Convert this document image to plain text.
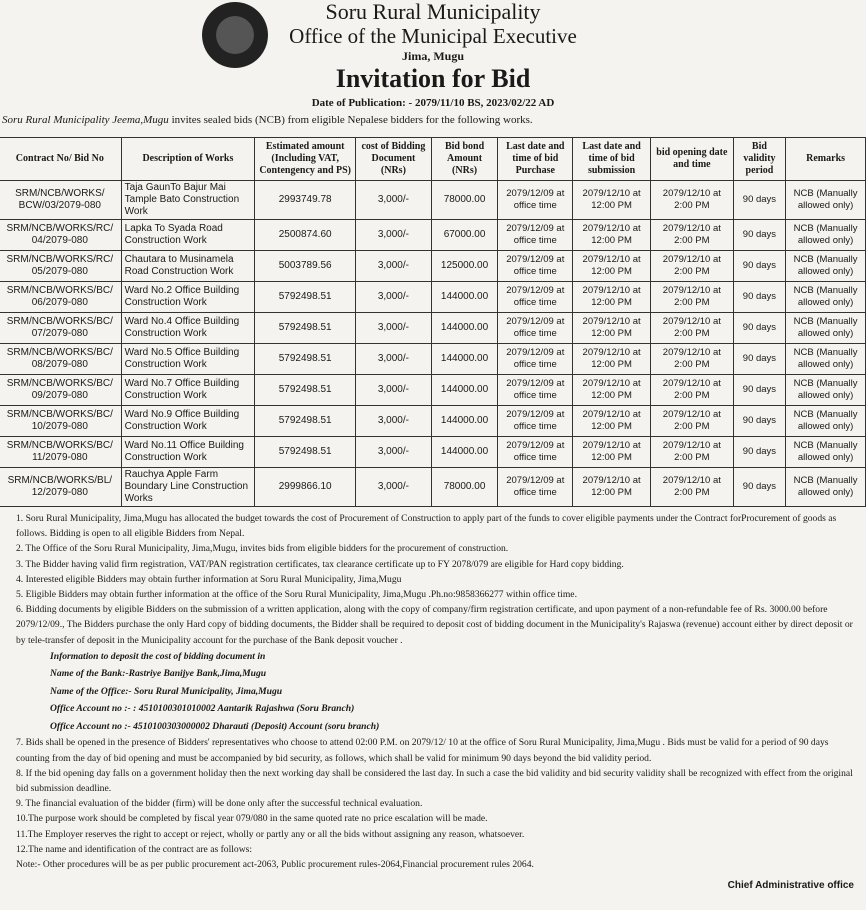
Soru Rural Municipality
Office of the Municipal Executive
Jima, Mugu
Invitation for Bid
Date of Publication: - 2079/11/10 BS, 2023/02/22 AD
Soru Rural Municipality Jeema,Mugu invites sealed bids (NCB) from eligible Nepalese bidders for the following works.
Contract No/ Bid No	Description of Works	Estimated amount (Including VAT, Contengency and PS)	cost of Bidding Document (NRs)	Bid bond Amount (NRs)	Last date and time of bid Purchase	Last date and time of bid submission	bid opening date and time	Bid validity period	Remarks
SRM/NCB/WORKS/ BCW/03/2079-080	Taja GaunTo Bajur Mai Tample Bato Construction Work	2993749.78	3,000/-	78000.00	2079/12/09 at office time	2079/12/10 at 12:00 PM	2079/12/10 at 2:00 PM	90 days	NCB (Manually allowed only)
SRM/NCB/WORKS/RC/ 04/2079-080	Lapka To Syada Road Construction Work	2500874.60	3,000/-	67000.00	2079/12/09 at office time	2079/12/10 at 12:00 PM	2079/12/10 at 2:00 PM	90 days	NCB (Manually allowed only)
SRM/NCB/WORKS/RC/ 05/2079-080	Chautara to Musinamela Road Construction Work	5003789.56	3,000/-	125000.00	2079/12/09 at office time	2079/12/10 at 12:00 PM	2079/12/10 at 2:00 PM	90 days	NCB (Manually allowed only)
SRM/NCB/WORKS/BC/ 06/2079-080	Ward No.2 Office Building Construction Work	5792498.51	3,000/-	144000.00	2079/12/09 at office time	2079/12/10 at 12:00 PM	2079/12/10 at 2:00 PM	90 days	NCB (Manually allowed only)
SRM/NCB/WORKS/BC/ 07/2079-080	Ward No.4 Office Building Construction Work	5792498.51	3,000/-	144000.00	2079/12/09 at office time	2079/12/10 at 12:00 PM	2079/12/10 at 2:00 PM	90 days	NCB (Manually allowed only)
SRM/NCB/WORKS/BC/ 08/2079-080	Ward No.5 Office Building Construction Work	5792498.51	3,000/-	144000.00	2079/12/09 at office time	2079/12/10 at 12:00 PM	2079/12/10 at 2:00 PM	90 days	NCB (Manually allowed only)
SRM/NCB/WORKS/BC/ 09/2079-080	Ward No.7 Office Building Construction Work	5792498.51	3,000/-	144000.00	2079/12/09 at office time	2079/12/10 at 12:00 PM	2079/12/10 at 2:00 PM	90 days	NCB (Manually allowed only)
SRM/NCB/WORKS/BC/ 10/2079-080	Ward No.9 Office Building Construction Work	5792498.51	3,000/-	144000.00	2079/12/09 at office time	2079/12/10 at 12:00 PM	2079/12/10 at 2:00 PM	90 days	NCB (Manually allowed only)
SRM/NCB/WORKS/BC/ 11/2079-080	Ward No.11 Office Building Construction Work	5792498.51	3,000/-	144000.00	2079/12/09 at office time	2079/12/10 at 12:00 PM	2079/12/10 at 2:00 PM	90 days	NCB (Manually allowed only)
SRM/NCB/WORKS/BL/ 12/2079-080	Rauchya Apple Farm Boundary Line Construction Works	2999866.10	3,000/-	78000.00	2079/12/09 at office time	2079/12/10 at 12:00 PM	2079/12/10 at 2:00 PM	90 days	NCB (Manually allowed only)

1. Soru Rural Municipality, Jima,Mugu has allocated the budget towards the cost of Procurement of Construction to apply part of the funds to cover eligible payments under the Contract forProcurement of goods as follows. Bidding is open to all eligible Bidders from Nepal.

2. The Office of the Soru Rural Municipality, Jima,Mugu, invites bids from eligible bidders for the procurement of construction.

3. The Bidder having valid firm registration, VAT/PAN registration certificates, tax clearance certificate up to FY 2078/079 are eligible for Hard copy bidding.

4. Interested eligible Bidders may obtain further information at Soru Rural Municipality, Jima,Mugu

5. Eligible Bidders may obtain further information at the office of the Soru Rural Municipality, Jima,Mugu .Ph.no:9858366277 within office time.

6. Bidding documents by eligible Bidders on the submission of a written application, along with the copy of company/firm registration certificate, and upon payment of a non-refundable fee of Rs. 3000.00 before 2079/12/09., The Bidders purchase the only Hard copy of bidding documents, the Bidder shall be required to deposit cost of bidding document in the Municipality's Rajaswa (revenue) account either by direct deposit or by tele-transfer of deposit in the Municipality account for the purchase of the Bank deposit voucher .

Information to deposit the cost of bidding document in

Name of the Bank:-Rastriye Banijye Bank,Jima,Mugu

Name of the Office:- Soru Rural Municipality, Jima,Mugu

Office Account no :- : 4510100301010002 Aantarik Rajashwa (Soru Branch)

Office Account no :- 4510100303000002 Dharauti (Deposit) Account (soru branch)

7. Bids shall be opened in the presence of Bidders' representatives who choose to attend 02:00 P.M. on 2079/12/ 10 at the office of Soru Rural Municipality, Jima,Mugu . Bids must be valid for a period of 90 days counting from the day of bid opening and must be accompanied by bid security, as follows, which shall be valid for minimum 90 days beyond the bid validity period.

8. If the bid opening day falls on a government holiday then the next working day shall be considered the last day. In such a case the bid validity and bid security validity shall be recognized with effect from the original bid submission deadline.

9. The financial evaluation of the bidder (firm) will be done only after the successful technical evaluation.

10.The purpose work should be completed by fiscal year 079/080 in the same quoted rate no price escalation will be made.

11.The Employer reserves the right to accept or reject, wholly or partly any or all the bids without assigning any reason, whatsoever.

12.The name and identification of the contract are as follows:

Note:- Other procedures will be as per public procurement act-2063, Public procurement rules-2064,Financial procurement rules 2064.

Chief Administrative office
